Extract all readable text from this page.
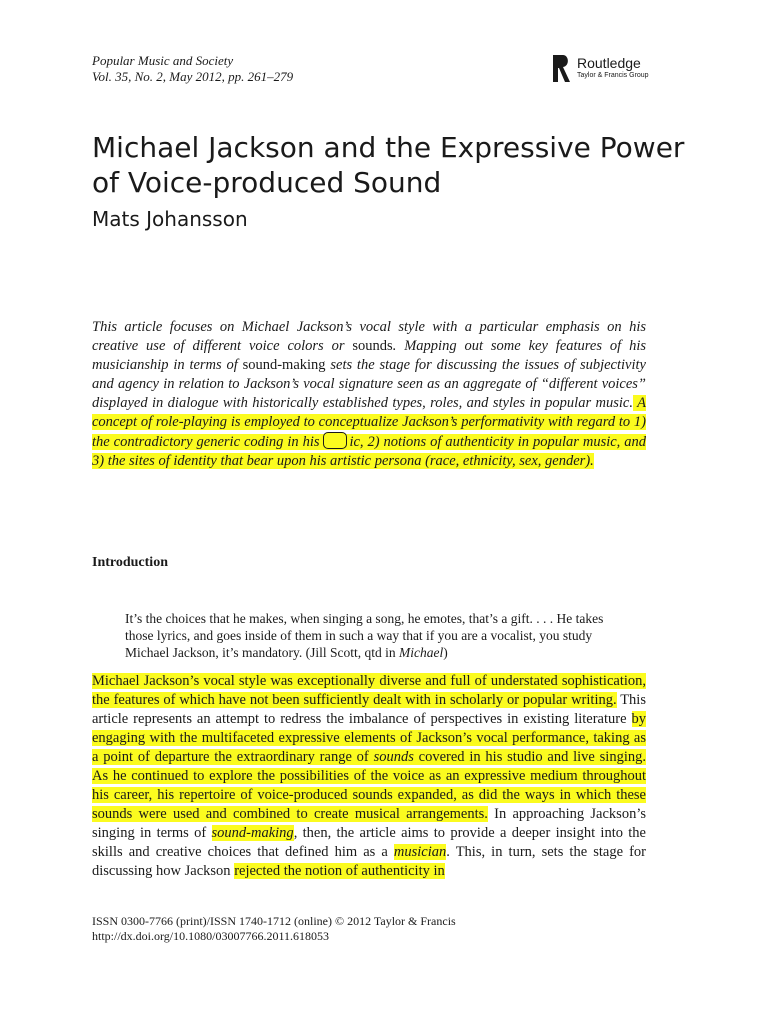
Popular Music and Society
Vol. 35, No. 2, May 2012, pp. 261–279
Routledge
Taylor & Francis Group
Michael Jackson and the Expressive Power of Voice-produced Sound
Mats Johansson

This article focuses on Michael Jackson’s vocal style with a particular emphasis on his creative use of different voice colors or sounds. Mapping out some key features of his musicianship in terms of sound-making sets the stage for discussing the issues of subjectivity and agency in relation to Jackson’s vocal signature seen as an aggregate of “different voices” displayed in dialogue with historically established types, roles, and styles in popular music. A concept of role-playing is employed to conceptualize Jackson’s performativity with regard to 1) the contradictory generic coding in his ic, 2) notions of authenticity in popular music, and 3) the sites of identity that bear upon his artistic persona (race, ethnicity, sex, gender).

Introduction

It’s the choices that he makes, when singing a song, he emotes, that’s a gift. . . . He takes those lyrics, and goes inside of them in such a way that if you are a vocalist, you study Michael Jackson, it’s mandatory. (Jill Scott, qtd in Michael)

Michael Jackson’s vocal style was exceptionally diverse and full of understated sophistication, the features of which have not been sufficiently dealt with in scholarly or popular writing. This article represents an attempt to redress the imbalance of perspectives in existing literature by engaging with the multifaceted expressive elements of Jackson’s vocal performance, taking as a point of departure the extraordinary range of sounds covered in his studio and live singing. As he continued to explore the possibilities of the voice as an expressive medium throughout his career, his repertoire of voice-produced sounds expanded, as did the ways in which these sounds were used and combined to create musical arrangements. In approaching Jackson’s singing in terms of sound-making, then, the article aims to provide a deeper insight into the skills and creative choices that defined him as a musician. This, in turn, sets the stage for discussing how Jackson rejected the notion of authenticity in

ISSN 0300-7766 (print)/ISSN 1740-1712 (online) © 2012 Taylor & Francis
http://dx.doi.org/10.1080/03007766.2011.618053
